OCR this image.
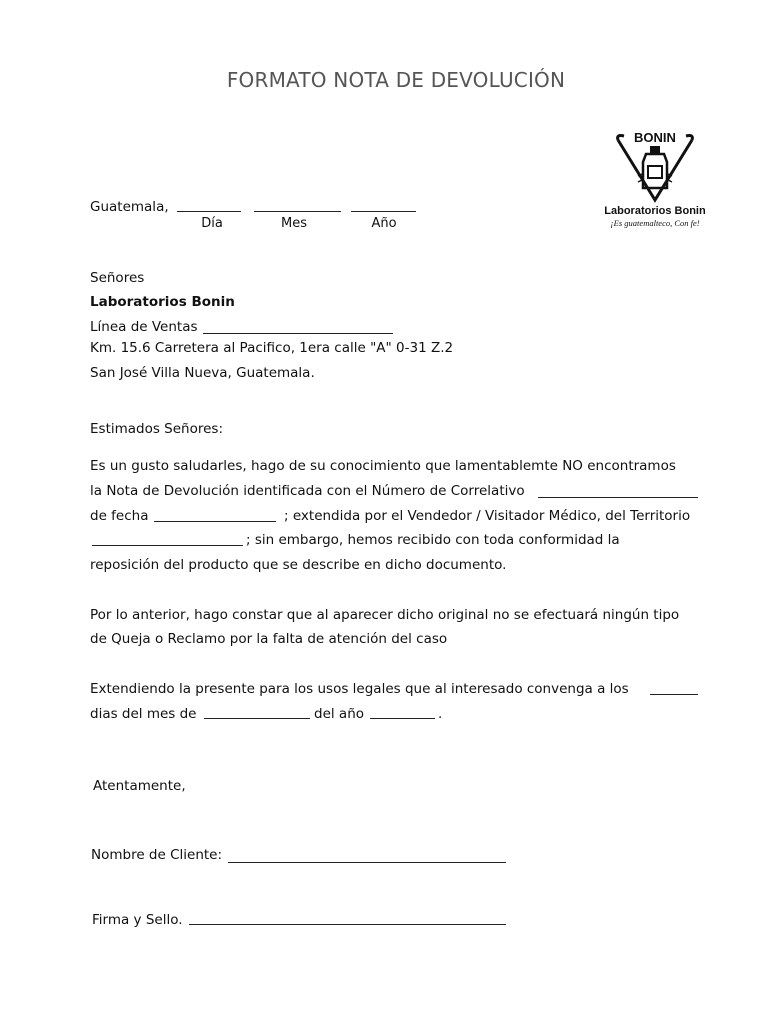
FORMATO NOTA DE DEVOLUCIÓN
BONIN
Laboratorios Bonin
¡Es guatemalteco, Con fe!
Guatemala,
Día	Mes	Año
Señores
Laboratorios Bonin
Línea de Ventas
Km. 15.6 Carretera al Pacifico, 1era calle "A" 0-31 Z.2
San José Villa Nueva, Guatemala.
Estimados Señores:
Es un gusto saludarles, hago de su conocimiento que lamentablemte NO encontramos
la Nota de Devolución identificada con el Número de Correlativo
de fecha	; extendida por el Vendedor / Visitador Médico, del Territorio
; sin embargo, hemos recibido con toda conformidad la
reposición del producto que se describe en dicho documento.
Por lo anterior, hago constar que al aparecer dicho original no se efectuará ningún tipo
de Queja o Reclamo por la falta de atención del caso
Extendiendo la presente para los usos legales que al interesado convenga a los
dias del mes de	del año	.
Atentamente,
Nombre de Cliente:
Firma y Sello.
